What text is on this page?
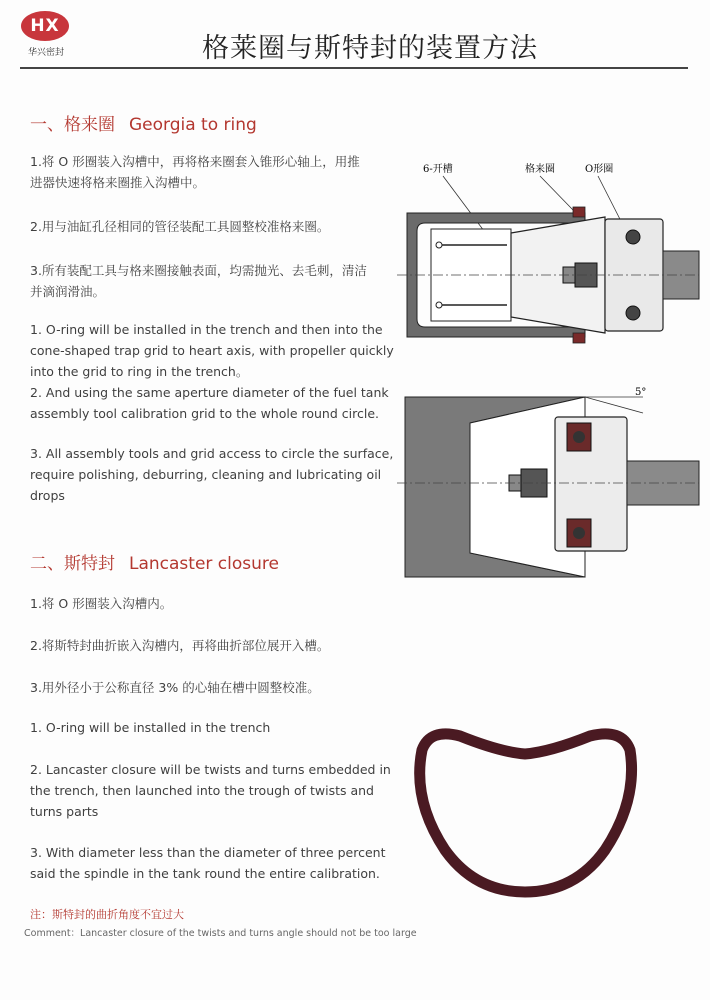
HX
华兴密封	格莱圈与斯特封的装置方法
一、格来圈 Georgia to ring
1.将 O 形圈装入沟槽中，再将格来圈套入锥形心轴上，用推
进器快速将格来圈推入沟槽中。
2.用与油缸孔径相同的管径装配工具圆整校准格来圈。
3.所有装配工具与格来圈接触表面，均需抛光、去毛刺，清洁
并滴润滑油。
1. O-ring will be installed in the trench and then into the
cone-shaped trap grid to heart axis, with propeller quickly
into the grid to ring in the trench。
2. And using the same aperture diameter of the fuel tank
assembly tool calibration grid to the whole round circle.
3. All assembly tools and grid access to circle the surface,
require polishing, deburring, cleaning and lubricating oil
drops
二、斯特封 Lancaster closure
1.将 O 形圈装入沟槽内。
2.将斯特封曲折嵌入沟槽内，再将曲折部位展开入槽。
3.用外径小于公称直径 3% 的心轴在槽中圆整校准。
1. O-ring will be installed in the trench
2. Lancaster closure will be twists and turns embedded in
the trench, then launched into the trough of twists and
turns parts
3. With diameter less than the diameter of three percent
said the spindle in the tank round the entire calibration.
注：斯特封的曲折角度不宜过大
Comment：Lancaster closure of the twists and turns angle should not be too large
6-开槽	格来圈	O形圈
5°
